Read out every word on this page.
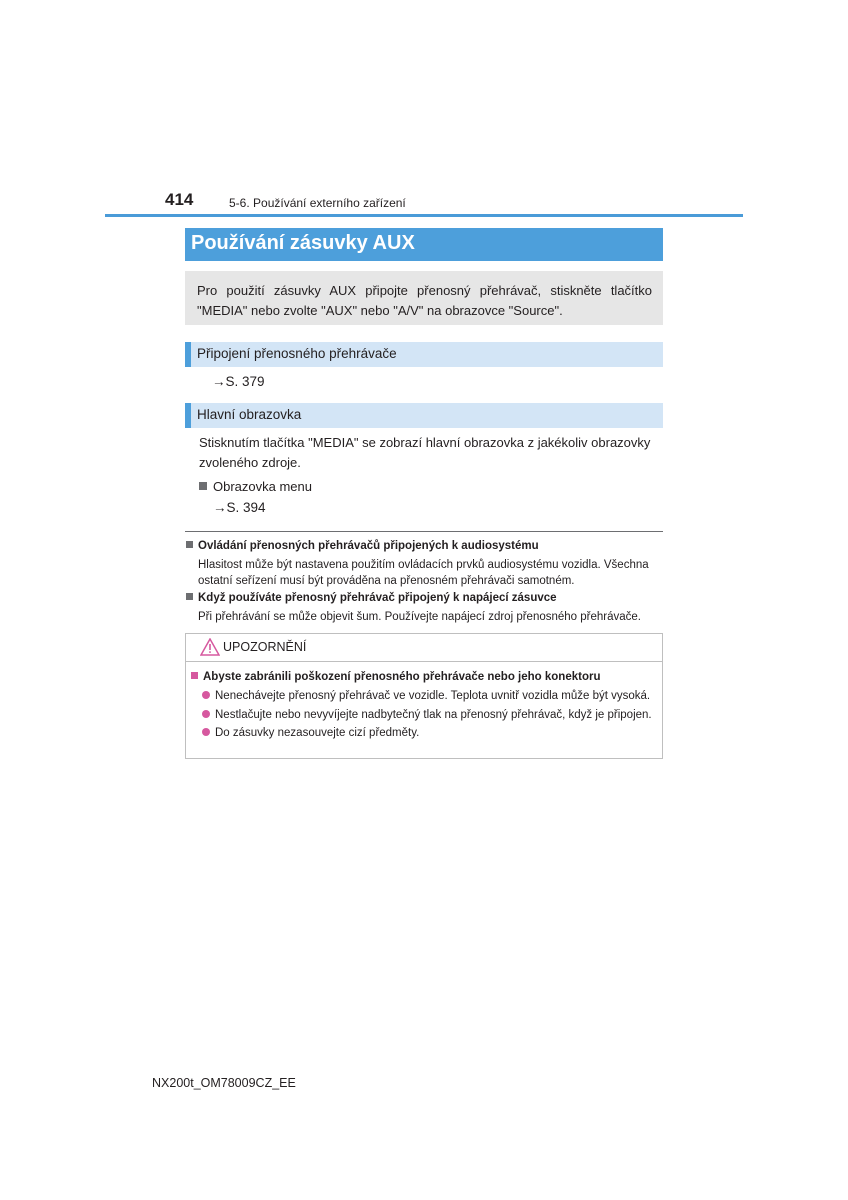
414	5-6. Používání externího zařízení
Používání zásuvky AUX
Pro použití zásuvky AUX připojte přenosný přehrávač, stiskněte tlačítko "MEDIA" nebo zvolte "AUX" nebo "A/V" na obrazovce "Source".
Připojení přenosného přehrávače
→S. 379
Hlavní obrazovka
Stisknutím tlačítka "MEDIA" se zobrazí hlavní obrazovka z jakékoliv obrazovky zvoleného zdroje.
Obrazovka menu
→S. 394
Ovládání přenosných přehrávačů připojených k audiosystému
Hlasitost může být nastavena použitím ovládacích prvků audiosystému vozidla. Všechna ostatní seřízení musí být prováděna na přenosném přehrávači samotném.
Když používáte přenosný přehrávač připojený k napájecí zásuvce
Při přehrávání se může objevit šum. Používejte napájecí zdroj přenosného přehrávače.
UPOZORNĚNÍ
Abyste zabránili poškození přenosného přehrávače nebo jeho konektoru
Nenechávejte přenosný přehrávač ve vozidle. Teplota uvnitř vozidla může být vysoká.
Nestlačujte nebo nevyvíjejte nadbytečný tlak na přenosný přehrávač, když je připojen.
Do zásuvky nezasouvejte cizí předměty.
NX200t_OM78009CZ_EE
